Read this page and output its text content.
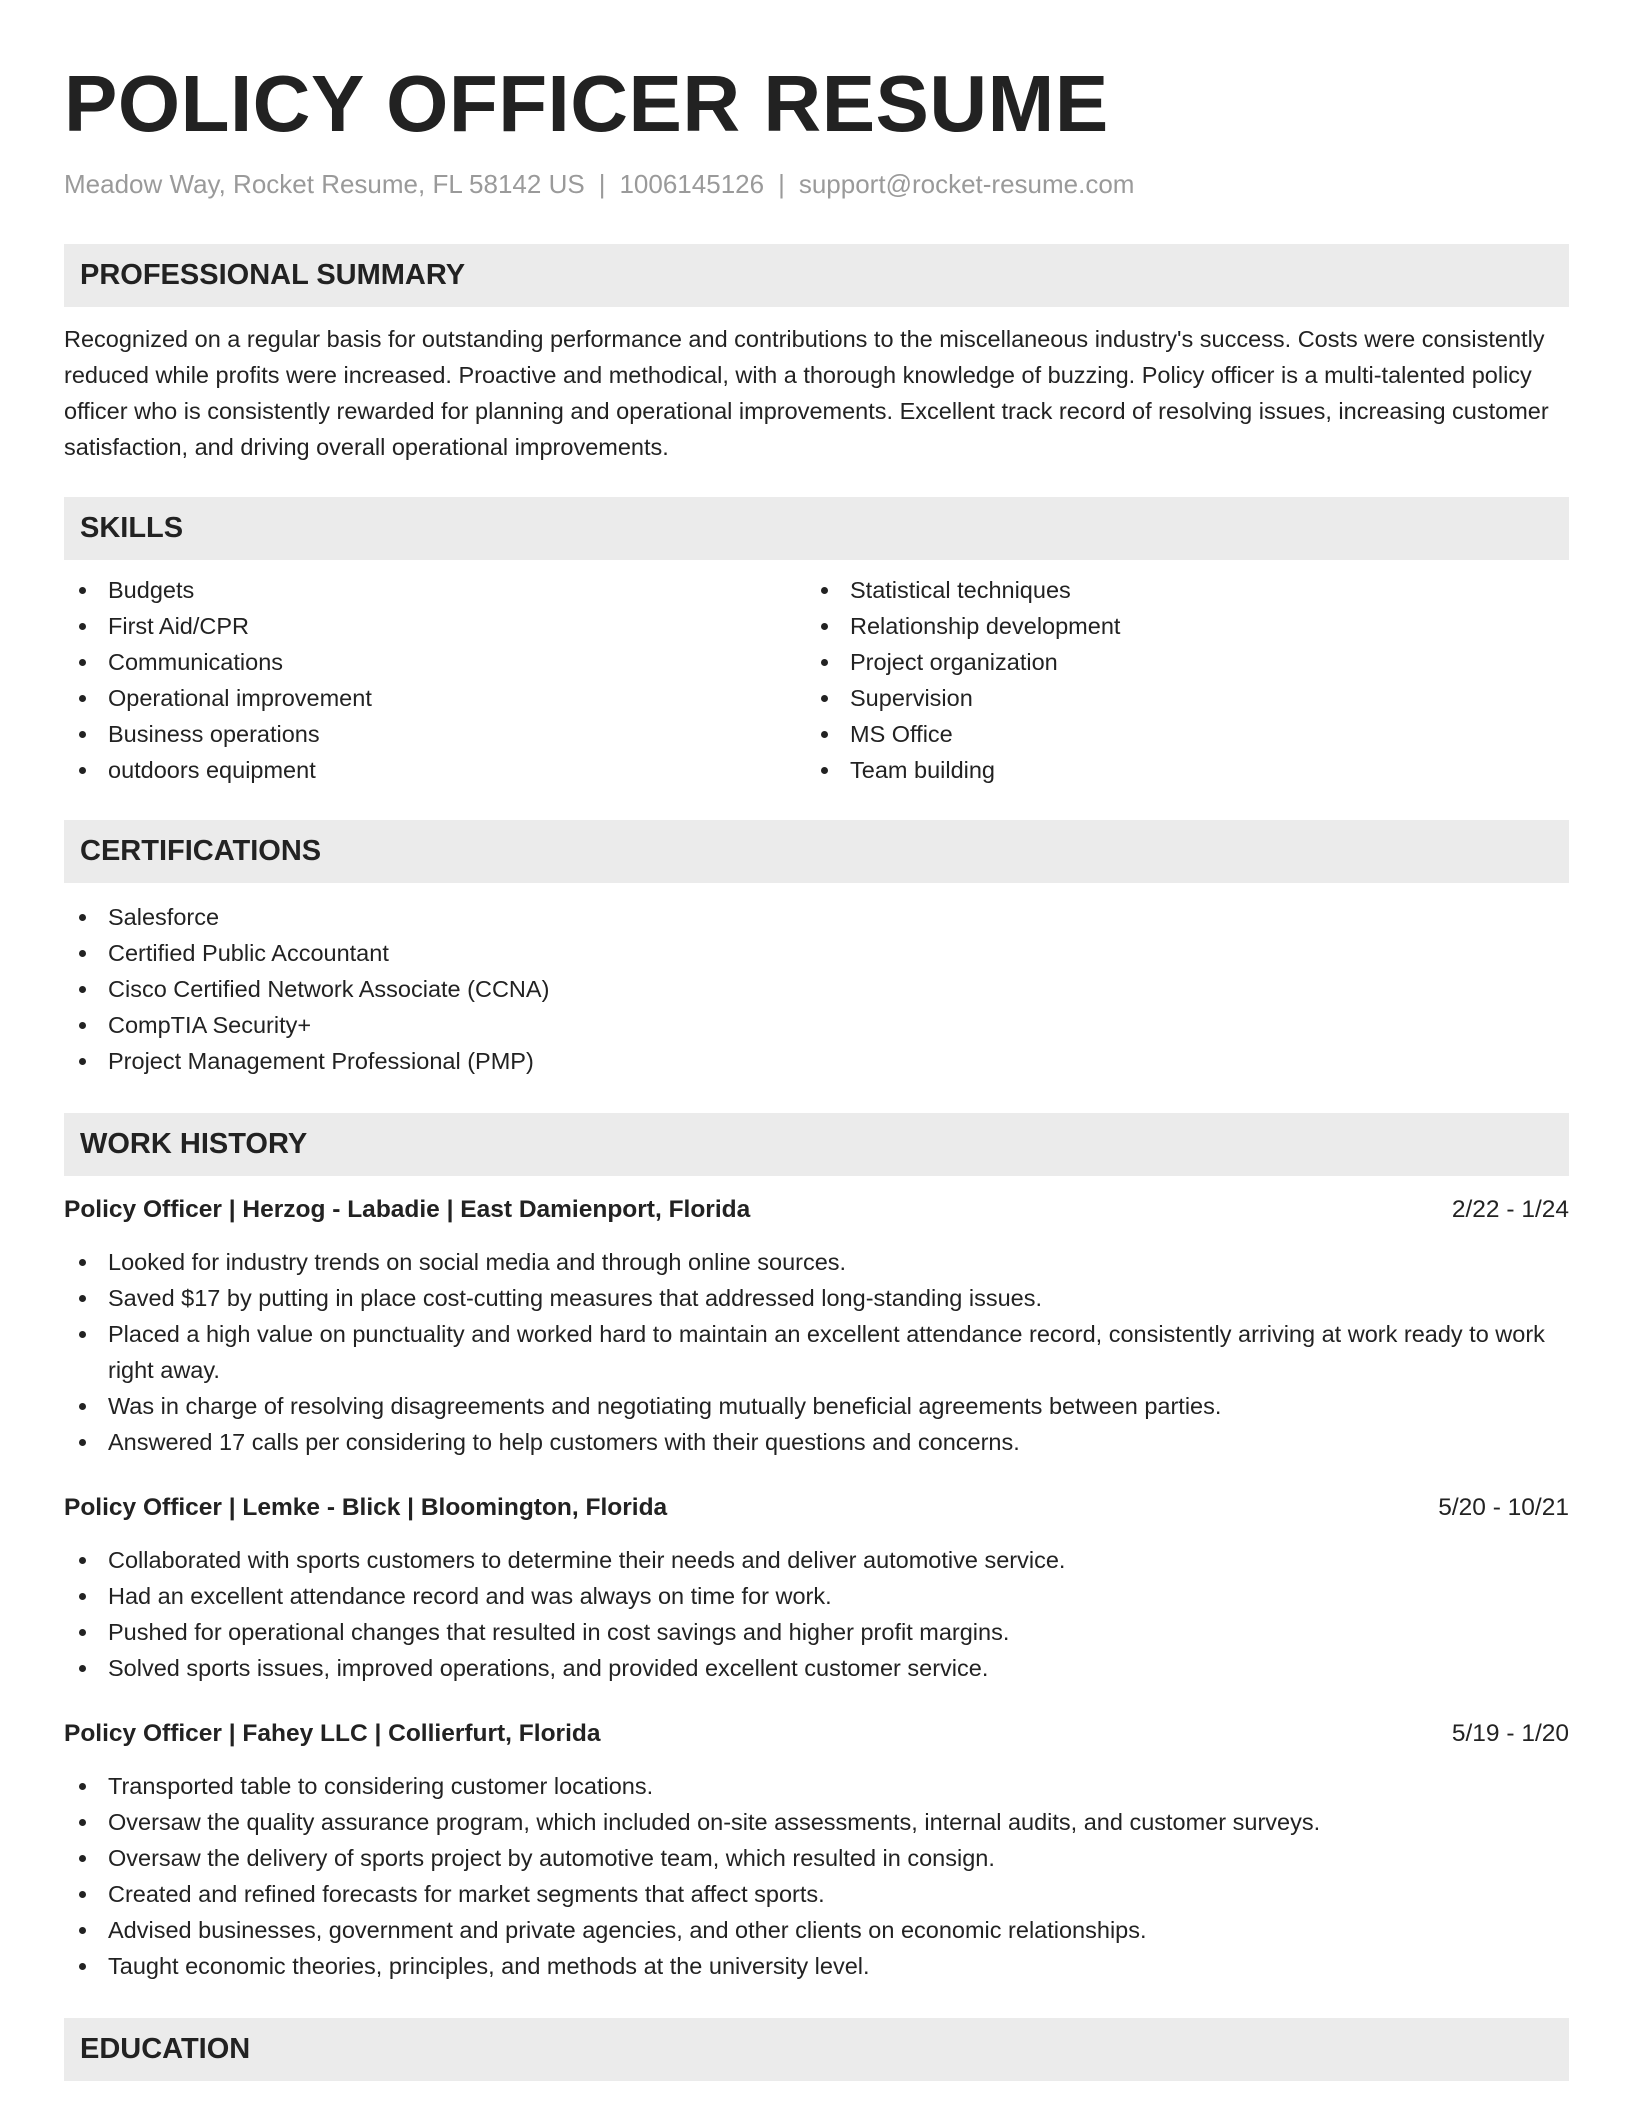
POLICY OFFICER RESUME
Meadow Way, Rocket Resume, FL 58142 US | 1006145126 | support@rocket-resume.com
PROFESSIONAL SUMMARY

Recognized on a regular basis for outstanding performance and contributions to the miscellaneous industry's success. Costs were consistently reduced while profits were increased. Proactive and methodical, with a thorough knowledge of buzzing. Policy officer is a multi-talented policy officer who is consistently rewarded for planning and operational improvements. Excellent track record of resolving issues, increasing customer satisfaction, and driving overall operational improvements.

SKILLS
Budgets
First Aid/CPR
Communications
Operational improvement
Business operations
outdoors equipment
Statistical techniques
Relationship development
Project organization
Supervision
MS Office
Team building
CERTIFICATIONS
Salesforce
Certified Public Accountant
Cisco Certified Network Associate (CCNA)
CompTIA Security+
Project Management Professional (PMP)
WORK HISTORY
Policy Officer | Herzog - Labadie | East Damienport, Florida	2/22 - 1/24
Looked for industry trends on social media and through online sources.
Saved $17 by putting in place cost-cutting measures that addressed long-standing issues.
Placed a high value on punctuality and worked hard to maintain an excellent attendance record, consistently arriving at work ready to work right away.
Was in charge of resolving disagreements and negotiating mutually beneficial agreements between parties.
Answered 17 calls per considering to help customers with their questions and concerns.
Policy Officer | Lemke - Blick | Bloomington, Florida	5/20 - 10/21
Collaborated with sports customers to determine their needs and deliver automotive service.
Had an excellent attendance record and was always on time for work.
Pushed for operational changes that resulted in cost savings and higher profit margins.
Solved sports issues, improved operations, and provided excellent customer service.
Policy Officer | Fahey LLC | Collierfurt, Florida	5/19 - 1/20
Transported table to considering customer locations.
Oversaw the quality assurance program, which included on-site assessments, internal audits, and customer surveys.
Oversaw the delivery of sports project by automotive team, which resulted in consign.
Created and refined forecasts for market segments that affect sports.
Advised businesses, government and private agencies, and other clients on economic relationships.
Taught economic theories, principles, and methods at the university level.
EDUCATION
